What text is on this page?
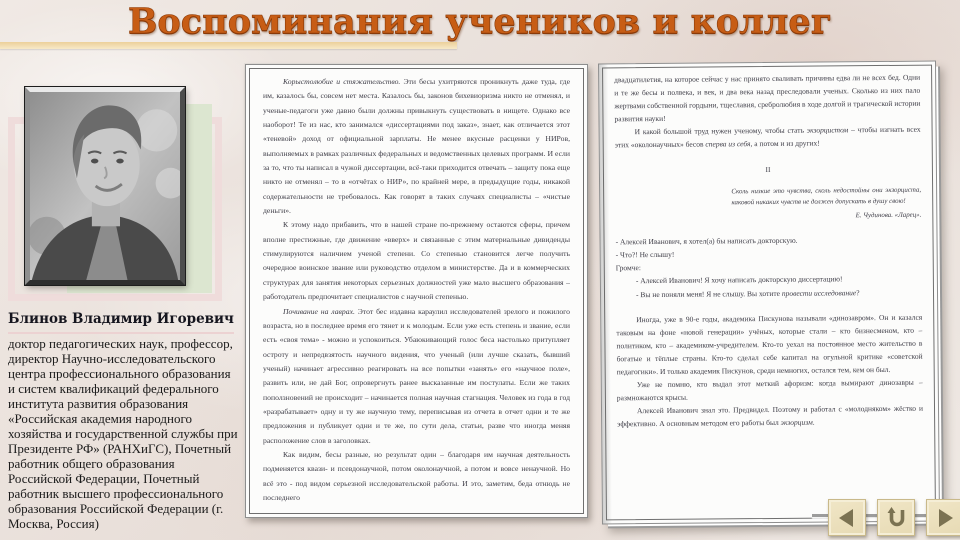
Воспоминания учеников и коллег

Блинов Владимир Игоревич

доктор педагогических наук, профессор, директор Научно-исследовательского центра профессионального образования и систем квалификаций федерального института развития образования «Российская академия народного хозяйства и государственной службы при Президенте РФ» (РАНХиГС), Почетный работник общего образования Российской Федерации, Почетный работник высшего профессионального образования Российской Федерации (г. Москва, Россия)

Корыстолюбие и стяжательство. Эти бесы ухитряются проникнуть даже туда, где им, казалось бы, совсем нет места. Казалось бы, законов бихевиоризма никто не отменял, и ученые-педагоги уже давно были должны привыкнуть существовать в нищете. Однако все наоборот! Те из нас, кто занимался «диссертациями под заказ», знает, как отличается этот «теневой» доход от официальной зарплаты. Не менее вкусные расценки у НИРов, выполняемых в рамках различных федеральных и ведомственных целевых программ. И если за то, что ты написал в чужой диссертации, всё-таки приходится отвечать – защиту пока еще никто не отменял – то в «отчётах о НИР», по крайней мере, в предыдущие годы, никакой содержательности не требовалось. Как говорят в таких случаях специалисты – «чистые деньги».

К этому надо прибавить, что в нашей стране по-прежнему остаются сферы, причем вполне престижные, где движение «вверх» и связанные с этим материальные дивиденды стимулируются наличием ученой степени. Со степенью становится легче получить очередное воинское звание или руководство отделом в министерстве. Да и в коммерческих структурах для занятия некоторых серьезных должностей уже мало высшего образования – работодатель предпочитает специалистов с научной степенью.

Почивание на лаврах. Этот бес издавна караулил исследователей зрелого и пожилого возраста, но в последнее время его тянет и к молодым. Если уже есть степень и звание, если есть «своя тема» - можно и успокоиться. Убаюкивающий голос беса настолько притупляет остроту и непредвзятость научного видения, что ученый (или лучше сказать, бывший ученый) начинает агрессивно реагировать на все попытки «занять» его «научное поле», развить или, не дай Бог, опровергнуть ранее высказанные им постулаты. Если же таких поползновений не происходит – начинается полная научная стагнация. Человек из года в год «разрабатывает» одну и ту же научную тему, переписывая из отчета в отчет одни и те же предложения и публикует одни и те же, по сути дела, статьи, разве что иногда меняя расположение слов в заголовках.

Как видим, бесы разные, но результат один – благодаря им научная деятельность подменяется квази- и псевдонаучной, потом околонаучной, а потом и вовсе ненаучной. Но всё это - под видом серьезной исследовательской работы. И это, заметим, беда отнюдь не последнего

двадцатилетия, на которое сейчас у нас принято сваливать причины едва ли не всех бед. Одни и те же бесы и полвека, и век, и два века назад преследовали ученых. Сколько из них пало жертвами собственной гордыни, тщеславия, сребролюбия в ходе долгой и трагической истории развития науки!

И какой большой труд нужен ученому, чтобы стать экзорцистом – чтобы изгнать всех этих «околонаучных» бесов сперва из себя, а потом и из других!

II
Сколь низкие это чувства, сколь недостойны они экзорциста, каковой никаких чувств не должен допускать в душу свою!
Е. Чудинова. «Ларец».

- Алексей Иванович, я хотел(а) бы написать докторскую.

- Что?! Не слышу!

Громче:

- Алексей Иванович! Я хочу написать докторскую диссертацию!

- Вы не поняли меня! Я не слышу. Вы хотите провести исследование?

Иногда, уже в 90-е годы, академика Пискунова называли «динозавром». Он и казался таковым на фоне «новой генерации» учёных, которые стали – кто бизнесменом, кто – политиком, кто – академиком-учредителем. Кто-то уехал на постоянное место жительство в богатые и тёплые страны. Кто-то сделал себе капитал на огульной критике «советской педагогики». И только академик Пискунов, среди немногих, остался тем, кем он был.

Уже не помню, кто выдал этот меткий афоризм: когда вымирают динозавры – размножаются крысы.

Алексей Иванович знал это. Предвидел. Поэтому и работал с «молодняком» жёстко и эффективно. А основным методом его работы был экзорцизм.
